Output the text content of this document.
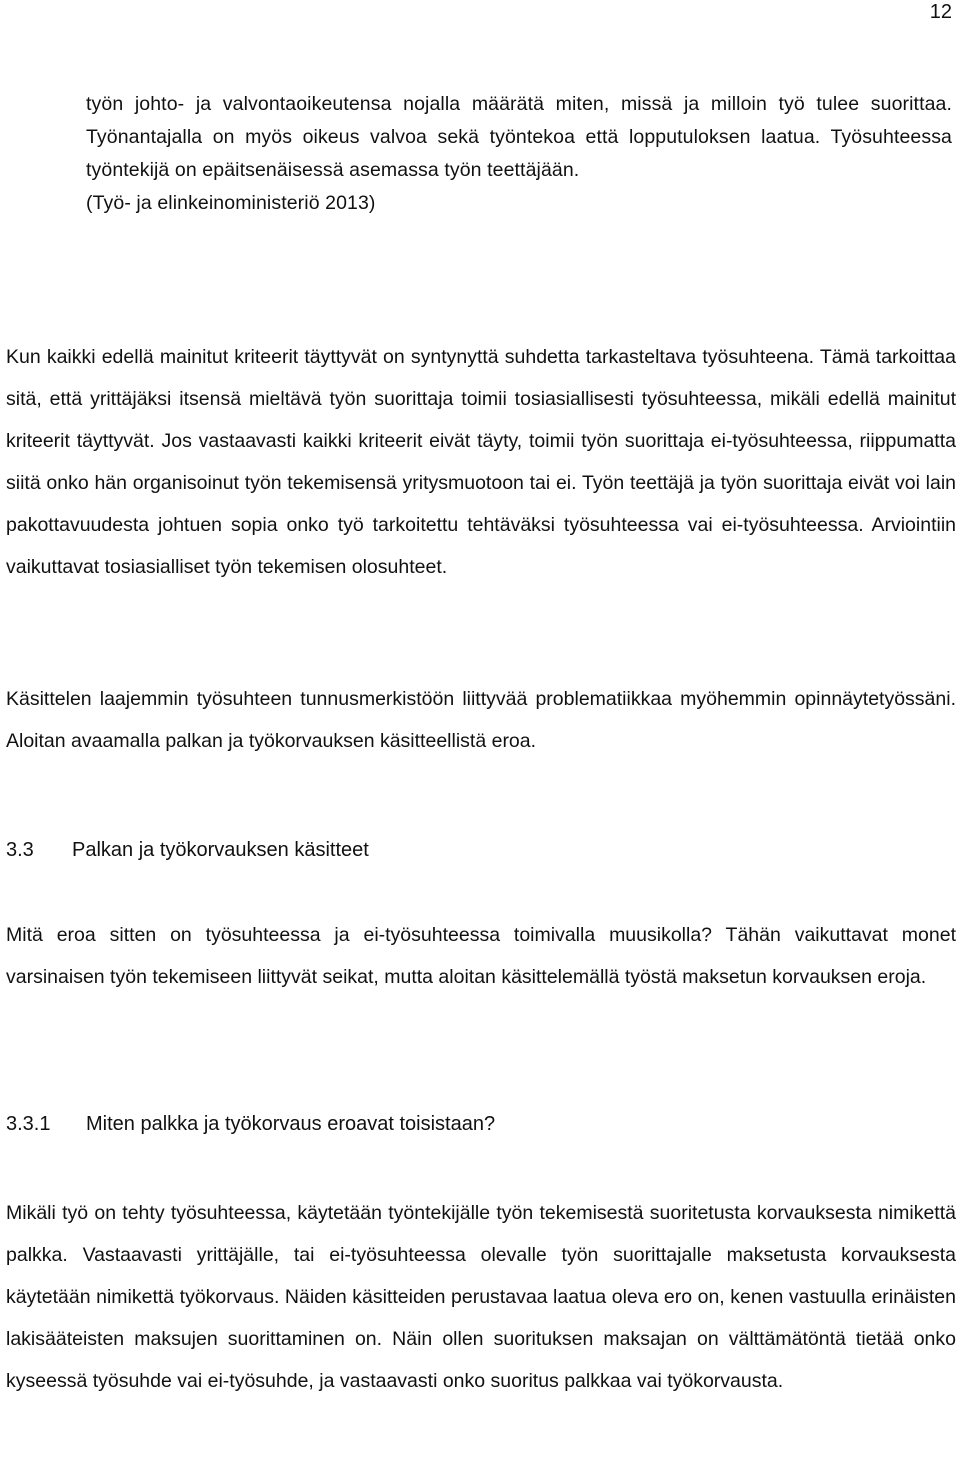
12

työn johto- ja valvontaoikeutensa nojalla määrätä miten, missä ja milloin työ tulee suorittaa. Työnantajalla on myös oikeus valvoa sekä työntekoa että lopputuloksen laatua. Työsuhteessa työntekijä on epäitsenäisessä asemassa työn teettäjään.

(Työ- ja elinkeinoministeriö 2013)

Kun kaikki edellä mainitut kriteerit täyttyvät on syntynyttä suhdetta tarkasteltava työsuhteena. Tämä tarkoittaa sitä, että yrittäjäksi itsensä mieltävä työn suorittaja toimii tosiasiallisesti työsuhteessa, mikäli edellä mainitut kriteerit täyttyvät. Jos vastaavasti kaikki kriteerit eivät täyty, toimii työn suorittaja ei-työsuhteessa, riippumatta siitä onko hän organisoinut työn tekemisensä yritysmuotoon tai ei. Työn teettäjä ja työn suorittaja eivät voi lain pakottavuudesta johtuen sopia onko työ tarkoitettu tehtäväksi työsuhteessa vai ei-työsuhteessa. Arviointiin vaikuttavat tosiasialliset työn tekemisen olosuhteet.

Käsittelen laajemmin työsuhteen tunnusmerkistöön liittyvää problematiikkaa myöhemmin opinnäytetyössäni. Aloitan avaamalla palkan ja työkorvauksen käsitteellistä eroa.

3.3 Palkan ja työkorvauksen käsitteet

Mitä eroa sitten on työsuhteessa ja ei-työsuhteessa toimivalla muusikolla? Tähän vaikuttavat monet varsinaisen työn tekemiseen liittyvät seikat, mutta aloitan käsittelemällä työstä maksetun korvauksen eroja.

3.3.1 Miten palkka ja työkorvaus eroavat toisistaan?

Mikäli työ on tehty työsuhteessa, käytetään työntekijälle työn tekemisestä suoritetusta korvauksesta nimikettä palkka. Vastaavasti yrittäjälle, tai ei-työsuhteessa olevalle työn suorittajalle maksetusta korvauksesta käytetään nimikettä työkorvaus. Näiden käsitteiden perustavaa laatua oleva ero on, kenen vastuulla erinäisten lakisääteisten maksujen suorittaminen on. Näin ollen suorituksen maksajan on välttämätöntä tietää onko kyseessä työsuhde vai ei-työsuhde, ja vastaavasti onko suoritus palkkaa vai työkorvausta.
